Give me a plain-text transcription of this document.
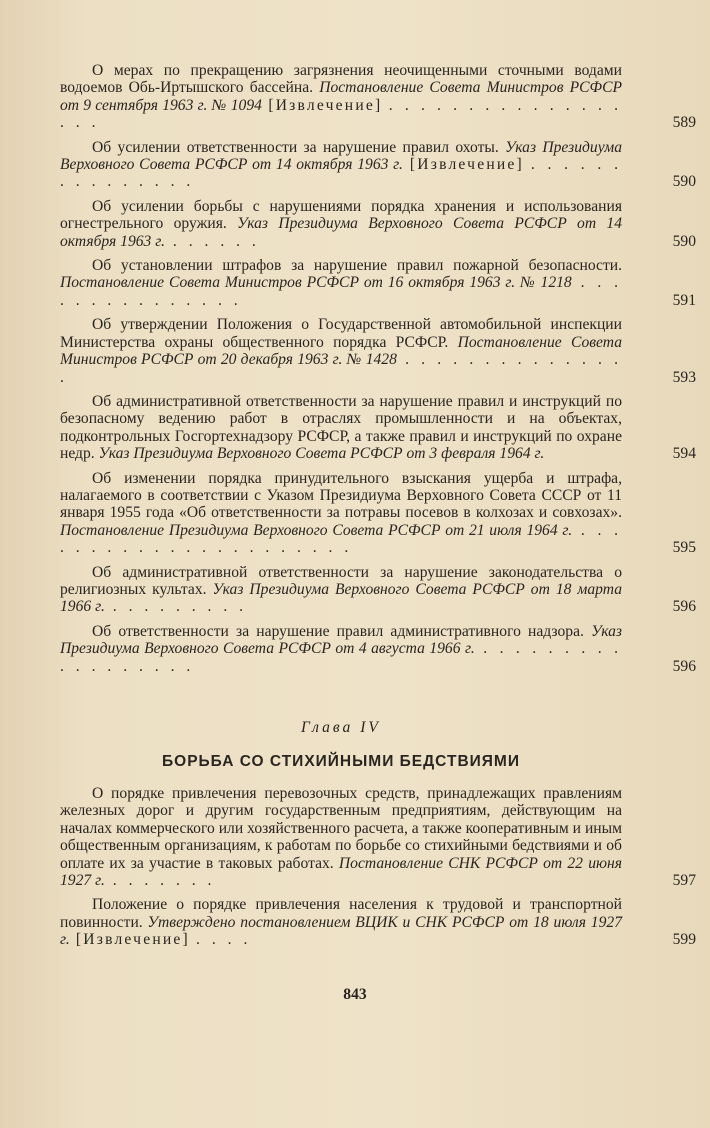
О мерах по прекращению загрязнения неочищенными сточными водами водоемов Обь-Иртышского бассейна. Постановление Совета Министров РСФСР от 9 сентября 1963 г. № 1094 [Извлечение] . . . . . . . . . . . . . . . . . .	589
Об усилении ответственности за нарушение правил охоты. Указ Президиума Верховного Совета РСФСР от 14 октября 1963 г. [Извлечение] . . . . . . . . . . . . . . .	590
Об усилении борьбы с нарушениями порядка хранения и использования огнестрельного оружия. Указ Президиума Верховного Совета РСФСР от 14 октября 1963 г. . . . . . .	590
Об установлении штрафов за нарушение правил пожарной безопасности. Постановление Совета Министров РСФСР от 16 октября 1963 г. № 1218 . . . . . . . . . . . . . . .	591
Об утверждении Положения о Государственной автомобильной инспекции Министерства охраны общественного порядка РСФСР. Постановление Совета Министров РСФСР от 20 декабря 1963 г. № 1428 . . . . . . . . . . . . . . .	593
Об административной ответственности за нарушение правил и инструкций по безопасному ведению работ в отраслях промышленности и на объектах, подконтрольных Госгортехнадзору РСФСР, а также правил и инструкций по охране недр. Указ Президиума Верховного Совета РСФСР от 3 февраля 1964 г.	594
Об изменении порядка принудительного взыскания ущерба и штрафа, налагаемого в соответствии с Указом Президиума Верховного Совета СССР от 11 января 1955 года «Об ответственности за потравы посевов в колхозах и совхозах». Постановление Президиума Верховного Совета РСФСР от 21 июля 1964 г. . . . . . . . . . . . . . . . . . . . . . .	595
Об административной ответственности за нарушение законодательства о религиозных культах. Указ Президиума Верховного Совета РСФСР от 18 марта 1966 г. . . . . . . . . .	596
Об ответственности за нарушение правил административного надзора. Указ Президиума Верховного Совета РСФСР от 4 августа 1966 г. . . . . . . . . . . . . . . . . . .	596
Глава IV
БОРЬБА СО СТИХИЙНЫМИ БЕДСТВИЯМИ
О порядке привлечения перевозочных средств, принадлежащих правлениям железных дорог и другим государственным предприятиям, действующим на началах коммерческого или хозяйственного расчета, а также кооперативным и иным общественным организациям, к работам по борьбе со стихийными бедствиями и об оплате их за участие в таковых работах. Постановление СНК РСФСР от 22 июня 1927 г. . . . . . . .	597
Положение о порядке привлечения населения к трудовой и транспортной повинности. Утверждено постановлением ВЦИК и СНК РСФСР от 18 июля 1927 г. [Извлечение] . . . .	599
843
